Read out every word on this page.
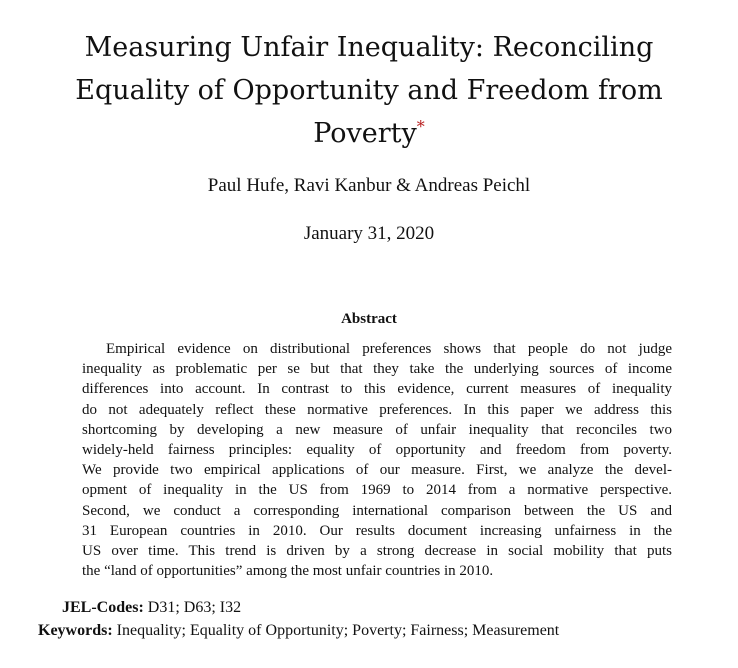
Measuring Unfair Inequality: Reconciling
Equality of Opportunity and Freedom from
Poverty*
Paul Hufe, Ravi Kanbur & Andreas Peichl
January 31, 2020
Abstract
Empirical evidence on distributional preferences shows that people do not judge
inequality as problematic per se but that they take the underlying sources of income
differences into account. In contrast to this evidence, current measures of inequality
do not adequately reflect these normative preferences. In this paper we address this
shortcoming by developing a new measure of unfair inequality that reconciles two
widely-held fairness principles: equality of opportunity and freedom from poverty.
We provide two empirical applications of our measure. First, we analyze the devel-
opment of inequality in the US from 1969 to 2014 from a normative perspective.
Second, we conduct a corresponding international comparison between the US and
31 European countries in 2010. Our results document increasing unfairness in the
US over time. This trend is driven by a strong decrease in social mobility that puts
the “land of opportunities” among the most unfair countries in 2010.
JEL-Codes: D31; D63; I32
Keywords: Inequality; Equality of Opportunity; Poverty; Fairness; Measurement
